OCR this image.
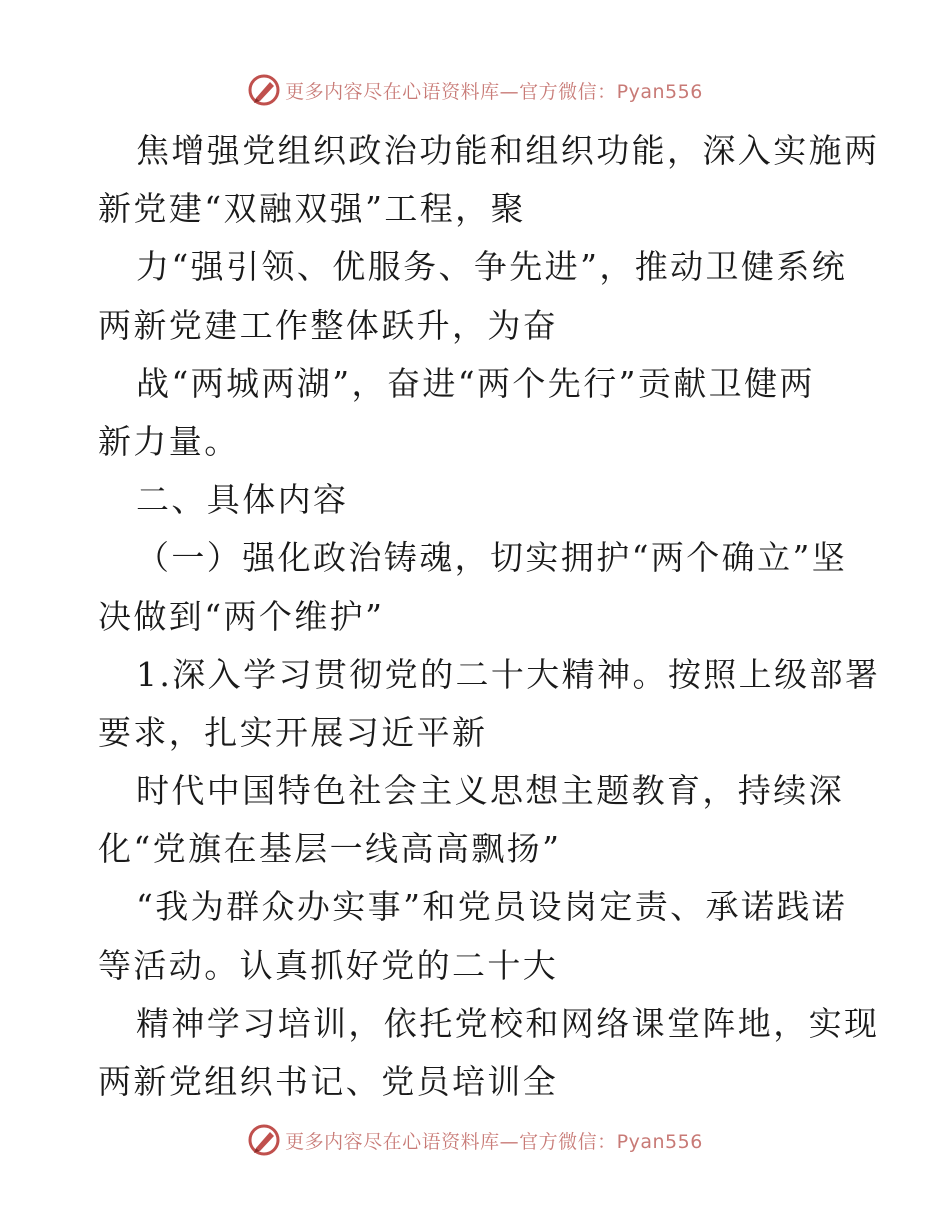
更多内容尽在心语资料库—官方微信：Pyan556
焦增强党组织政治功能和组织功能，深入实施两
新党建“双融双强”工程，聚
力“强引领、优服务、争先进”，推动卫健系统
两新党建工作整体跃升，为奋
战“两城两湖”，奋进“两个先行”贡献卫健两
新力量。
二、具体内容
（一）强化政治铸魂，切实拥护“两个确立”坚
决做到“两个维护”
1.深入学习贯彻党的二十大精神。按照上级部署
要求，扎实开展习近平新
时代中国特色社会主义思想主题教育，持续深
化“党旗在基层一线高高飘扬”
“我为群众办实事”和党员设岗定责、承诺践诺
等活动。认真抓好党的二十大
精神学习培训，依托党校和网络课堂阵地，实现
两新党组织书记、党员培训全
更多内容尽在心语资料库—官方微信：Pyan556
